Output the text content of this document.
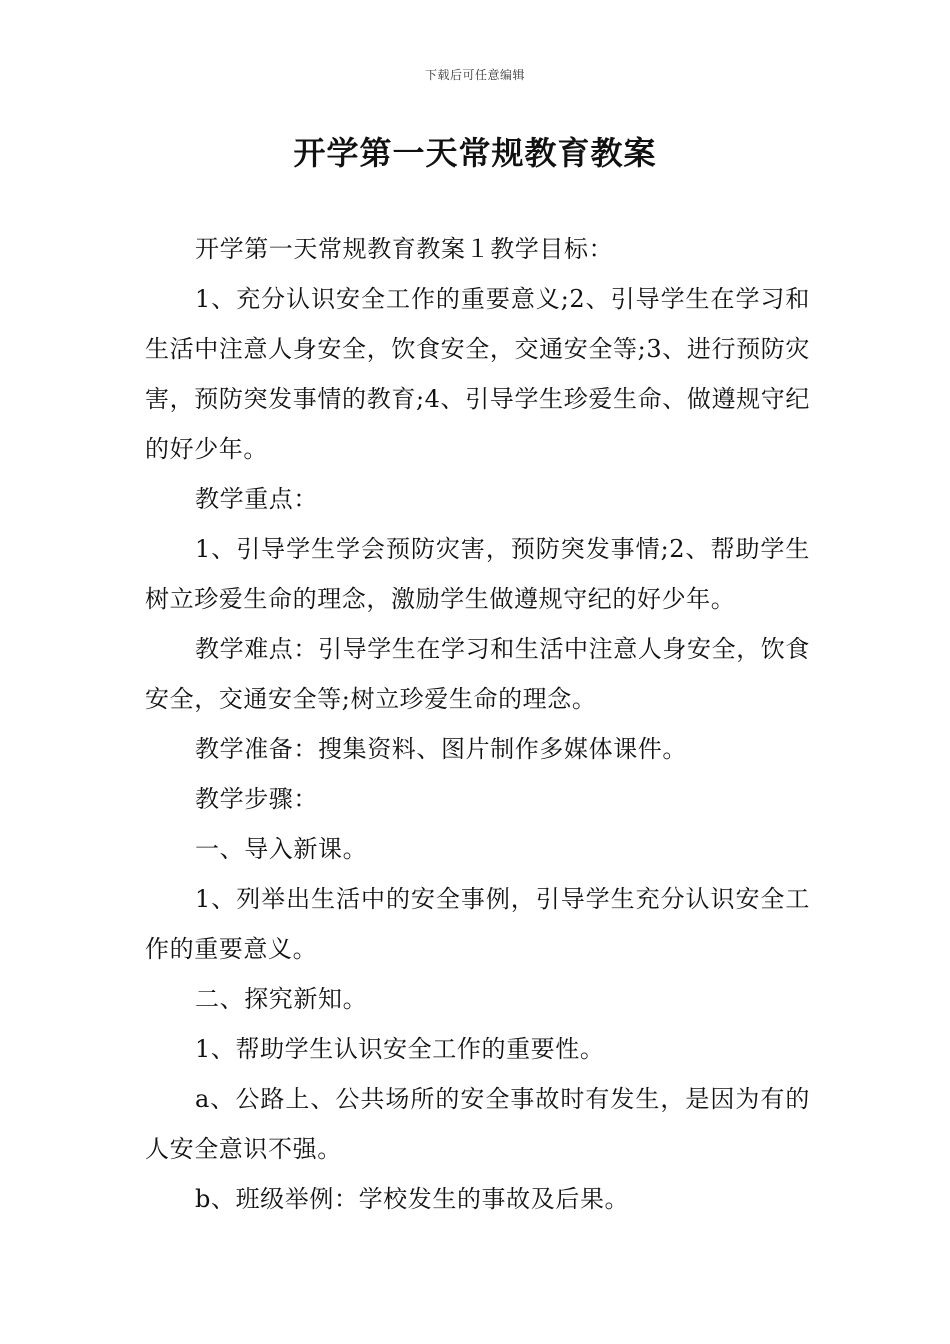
下载后可任意编辑
开学第一天常规教育教案

开学第一天常规教育教案１教学目标：

1、充分认识安全工作的重要意义;2、引导学生在学习和生活中注意人身安全，饮食安全，交通安全等;3、进行预防灾害，预防突发事情的教育;4、引导学生珍爱生命、做遵规守纪的好少年。

教学重点：

1、引导学生学会预防灾害，预防突发事情;2、帮助学生树立珍爱生命的理念，激励学生做遵规守纪的好少年。

教学难点：引导学生在学习和生活中注意人身安全，饮食安全，交通安全等;树立珍爱生命的理念。

教学准备：搜集资料、图片制作多媒体课件。

教学步骤：

一、导入新课。

1、列举出生活中的安全事例，引导学生充分认识安全工作的重要意义。

二、探究新知。

1、帮助学生认识安全工作的重要性。

a、公路上、公共场所的安全事故时有发生，是因为有的人安全意识不强。

b、班级举例：学校发生的事故及后果。
